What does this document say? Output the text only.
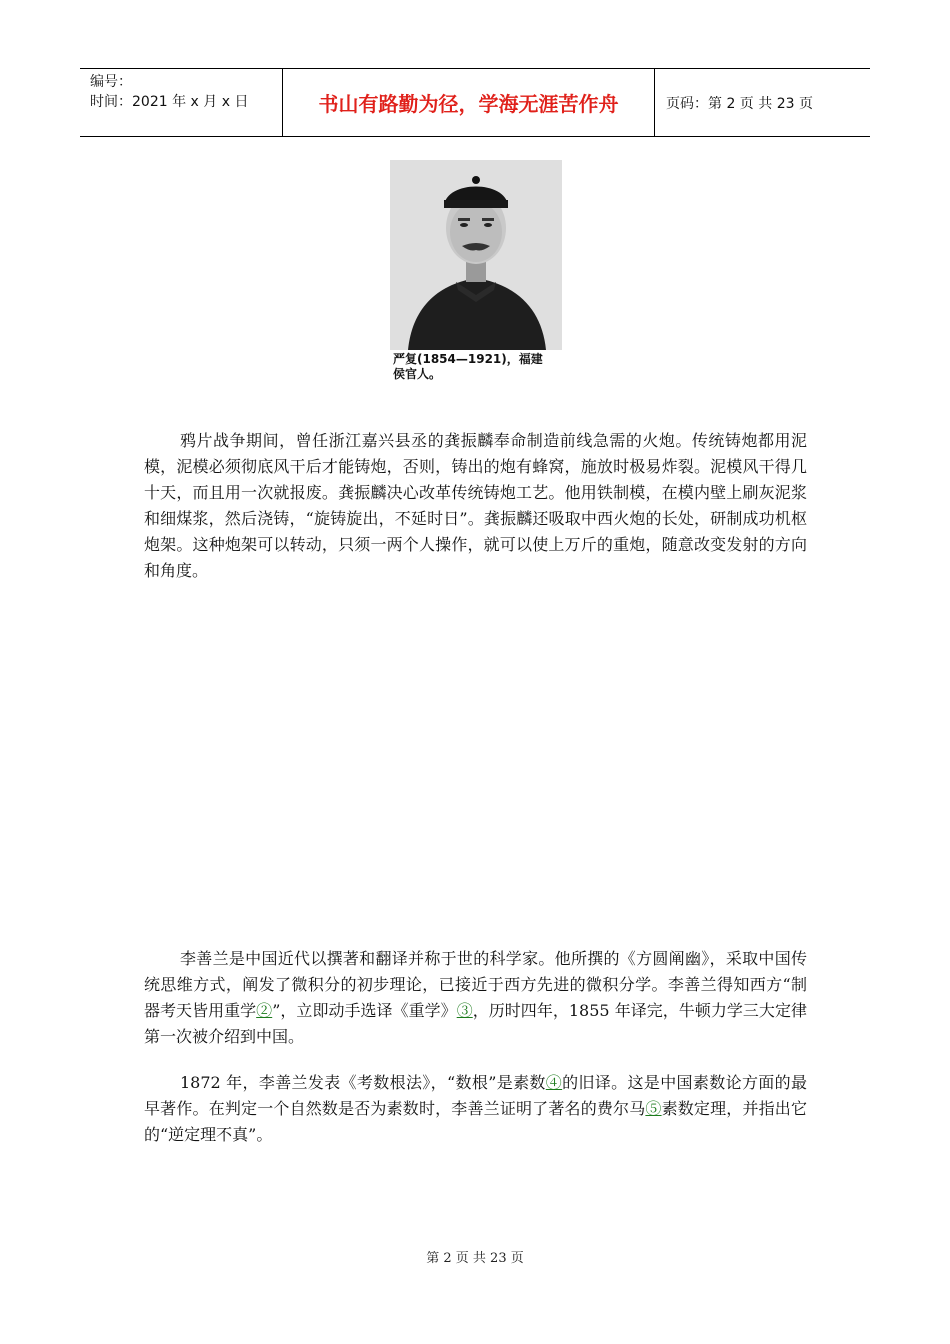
编号：
时间：2021 年 x 月 x 日	书山有路勤为径，学海无涯苦作舟	页码：第 2 页 共 23 页
严复(1854—1921)，福建
侯官人。

鸦片战争期间，曾任浙江嘉兴县丞的龚振麟奉命制造前线急需的火炮。传统铸炮都用泥模，泥模必须彻底风干后才能铸炮，否则，铸出的炮有蜂窝，施放时极易炸裂。泥模风干得几十天，而且用一次就报废。龚振麟决心改革传统铸炮工艺。他用铁制模，在模内壁上刷灰泥浆和细煤浆，然后浇铸，“旋铸旋出，不延时日”。龚振麟还吸取中西火炮的长处，研制成功机枢炮架。这种炮架可以转动，只须一两个人操作，就可以使上万斤的重炮，随意改变发射的方向和角度。

李善兰是中国近代以撰著和翻译并称于世的科学家。他所撰的《方圆阐幽》，采取中国传统思维方式，阐发了微积分的初步理论，已接近于西方先进的微积分学。李善兰得知西方“制器考天皆用重学②”，立即动手选译《重学》③，历时四年，1855 年译完，牛顿力学三大定律第一次被介绍到中国。

1872 年，李善兰发表《考数根法》，“数根”是素数④的旧译。这是中国素数论方面的最早著作。在判定一个自然数是否为素数时，李善兰证明了著名的费尔马⑤素数定理，并指出它的“逆定理不真”。

第 2 页 共 23 页
